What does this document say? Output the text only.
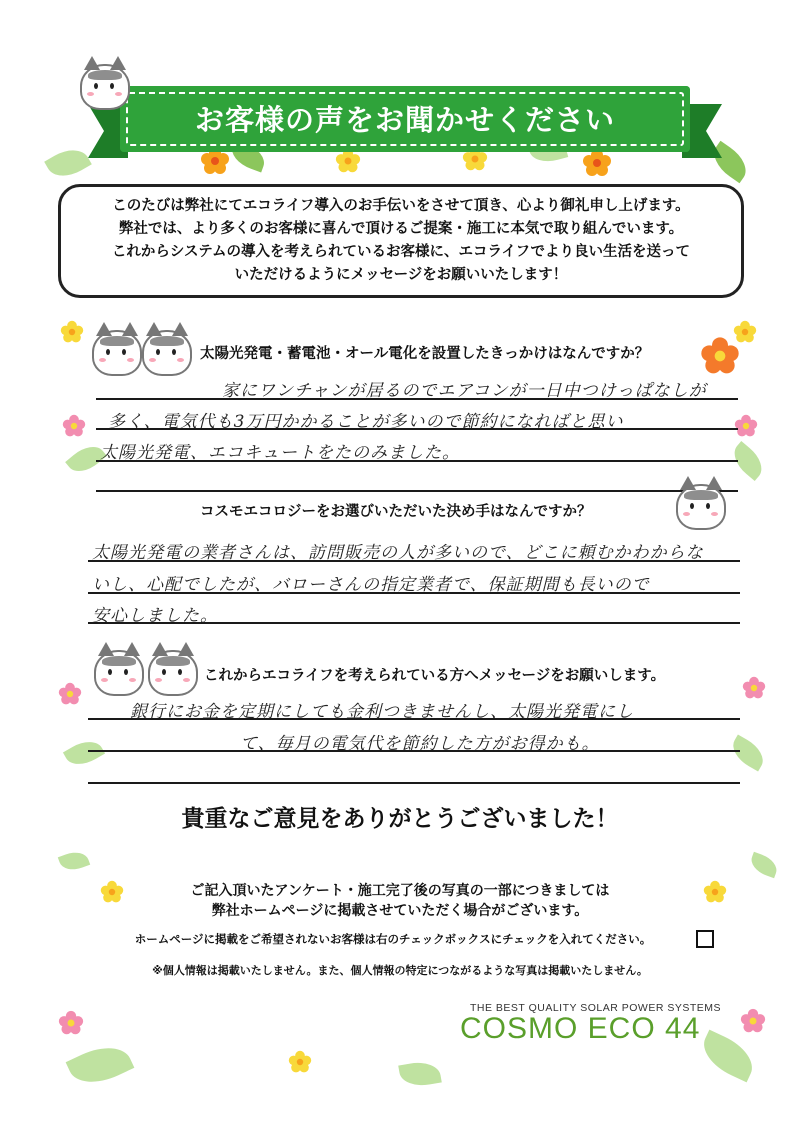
お客様の声をお聞かせください

このたびは弊社にてエコライフ導入のお手伝いをさせて頂き、心より御礼申し上げます。

弊社では、より多くのお客様に喜んで頂けるご提案・施工に本気で取り組んでいます。

これからシステムの導入を考えられているお客様に、エコライフでより良い生活を送って

いただけるようにメッセージをお願いいたします！

太陽光発電・蓄電池・オール電化を設置したきっかけはなんですか？
家にワンチャンが居るのでエアコンが一日中つけっぱなしが
多く、電気代も3万円かかることが多いので節約になればと思い
太陽光発電、エコキュートをたのみました。
コスモエコロジーをお選びいただいた決め手はなんですか？
太陽光発電の業者さんは、訪問販売の人が多いので、どこに頼むかわからな
いし、心配でしたが、バローさんの指定業者で、保証期間も長いので
安心しました。
これからエコライフを考えられている方へメッセージをお願いします。
銀行にお金を定期にしても金利つきませんし、太陽光発電にし
て、毎月の電気代を節約した方がお得かも。
貴重なご意見をありがとうございました！
ご記入頂いたアンケート・施工完了後の写真の一部につきましては
弊社ホームページに掲載させていただく場合がございます。
ホームページに掲載をご希望されないお客様は右のチェックボックスにチェックを入れてください。
※個人情報は掲載いたしません。また、個人情報の特定につながるような写真は掲載いたしません。
THE BEST QUALITY SOLAR POWER SYSTEMS
COSMO ECO 44
